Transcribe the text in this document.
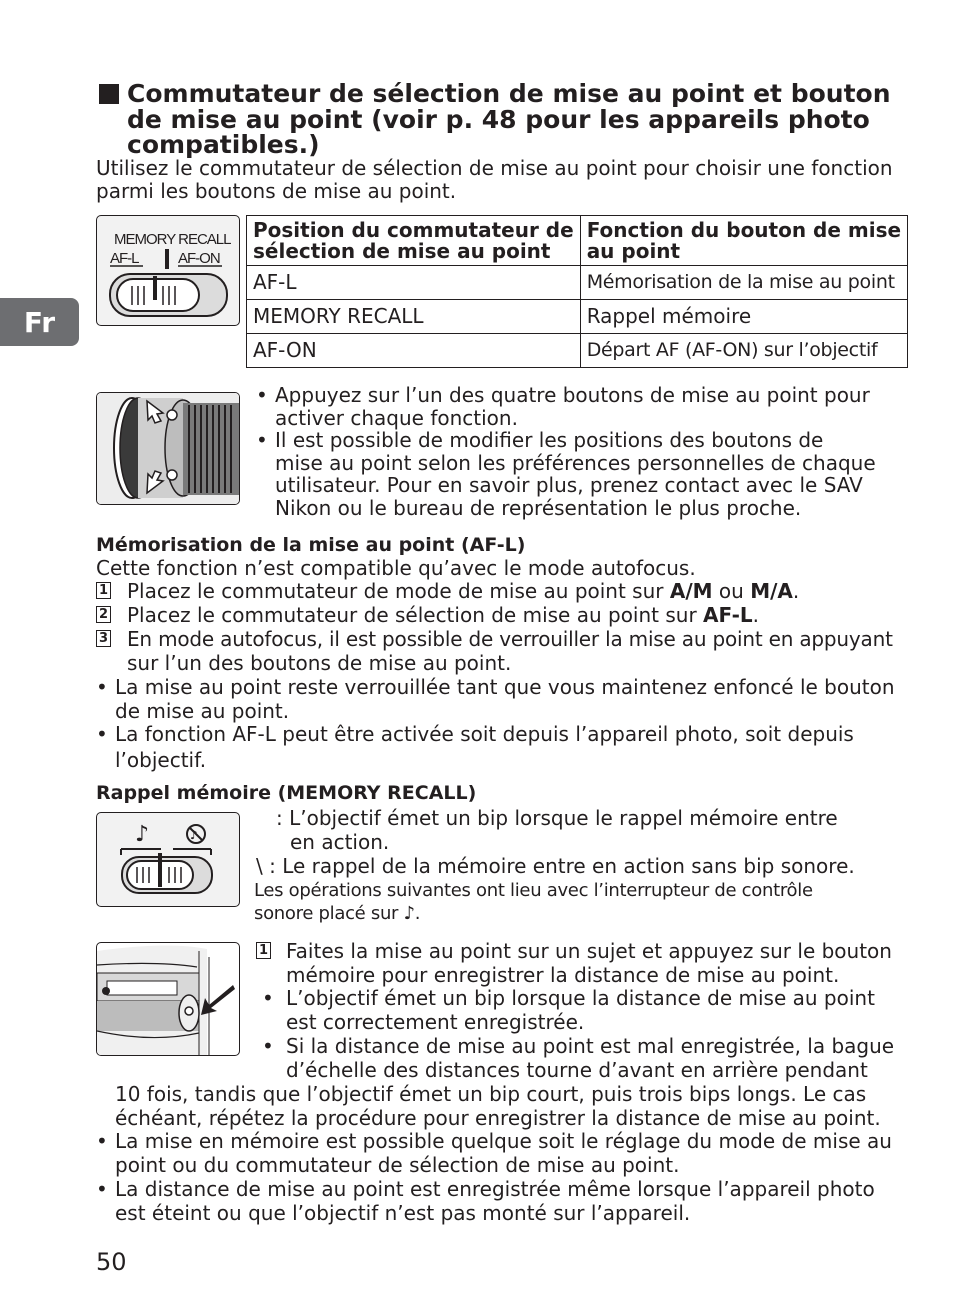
Fr
Commutateur de sélection de mise au point et bouton
de mise au point (voir p. 48 pour les appareils photo
compatibles.)
Utilisez le commutateur de sélection de mise au point pour choisir une fonction
parmi les boutons de mise au point.
MEMORY RECALL
AF-L	AF-ON
Position du commutateur de
sélection de mise au point	Fonction du bouton de mise
au point
AF-L	Mémorisation de la mise au point
MEMORY RECALL	Rappel mémoire
AF-ON	Départ AF (AF-ON) sur l’objectif
• Appuyez sur l’un des quatre boutons de mise au point pour
activer chaque fonction.
• Il est possible de modifier les positions des boutons de
mise au point selon les préférences personnelles de chaque
utilisateur. Pour en savoir plus, prenez contact avec le SAV
Nikon ou le bureau de représentation le plus proche.
Mémorisation de la mise au point (AF-L)
Cette fonction n’est compatible qu’avec le mode autofocus.
1 Placez le commutateur de mode de mise au point sur A/M ou M/A.
2 Placez le commutateur de sélection de mise au point sur AF-L.
3 En mode autofocus, il est possible de verrouiller la mise au point en appuyant
sur l’un des boutons de mise au point.
• La mise au point reste verrouillée tant que vous maintenez enfoncé le bouton
de mise au point.
• La fonction AF-L peut être activée soit depuis l’appareil photo, soit depuis
l’objectif.
Rappel mémoire (MEMORY RECALL)
♪	♪
: L’objectif émet un bip lorsque le rappel mémoire entre
en action.
\ : Le rappel de la mémoire entre en action sans bip sonore.
Les opérations suivantes ont lieu avec l’interrupteur de contrôle
sonore placé sur ♪.
1 Faites la mise au point sur un sujet et appuyez sur le bouton
mémoire pour enregistrer la distance de mise au point.
• L’objectif émet un bip lorsque la distance de mise au point
est correctement enregistrée.
• Si la distance de mise au point est mal enregistrée, la bague
d’échelle des distances tourne d’avant en arrière pendant
10 fois, tandis que l’objectif émet un bip court, puis trois bips longs. Le cas
échéant, répétez la procédure pour enregistrer la distance de mise au point.
• La mise en mémoire est possible quelque soit le réglage du mode de mise au
point ou du commutateur de sélection de mise au point.
• La distance de mise au point est enregistrée même lorsque l’appareil photo
est éteint ou que l’objectif n’est pas monté sur l’appareil.
50
